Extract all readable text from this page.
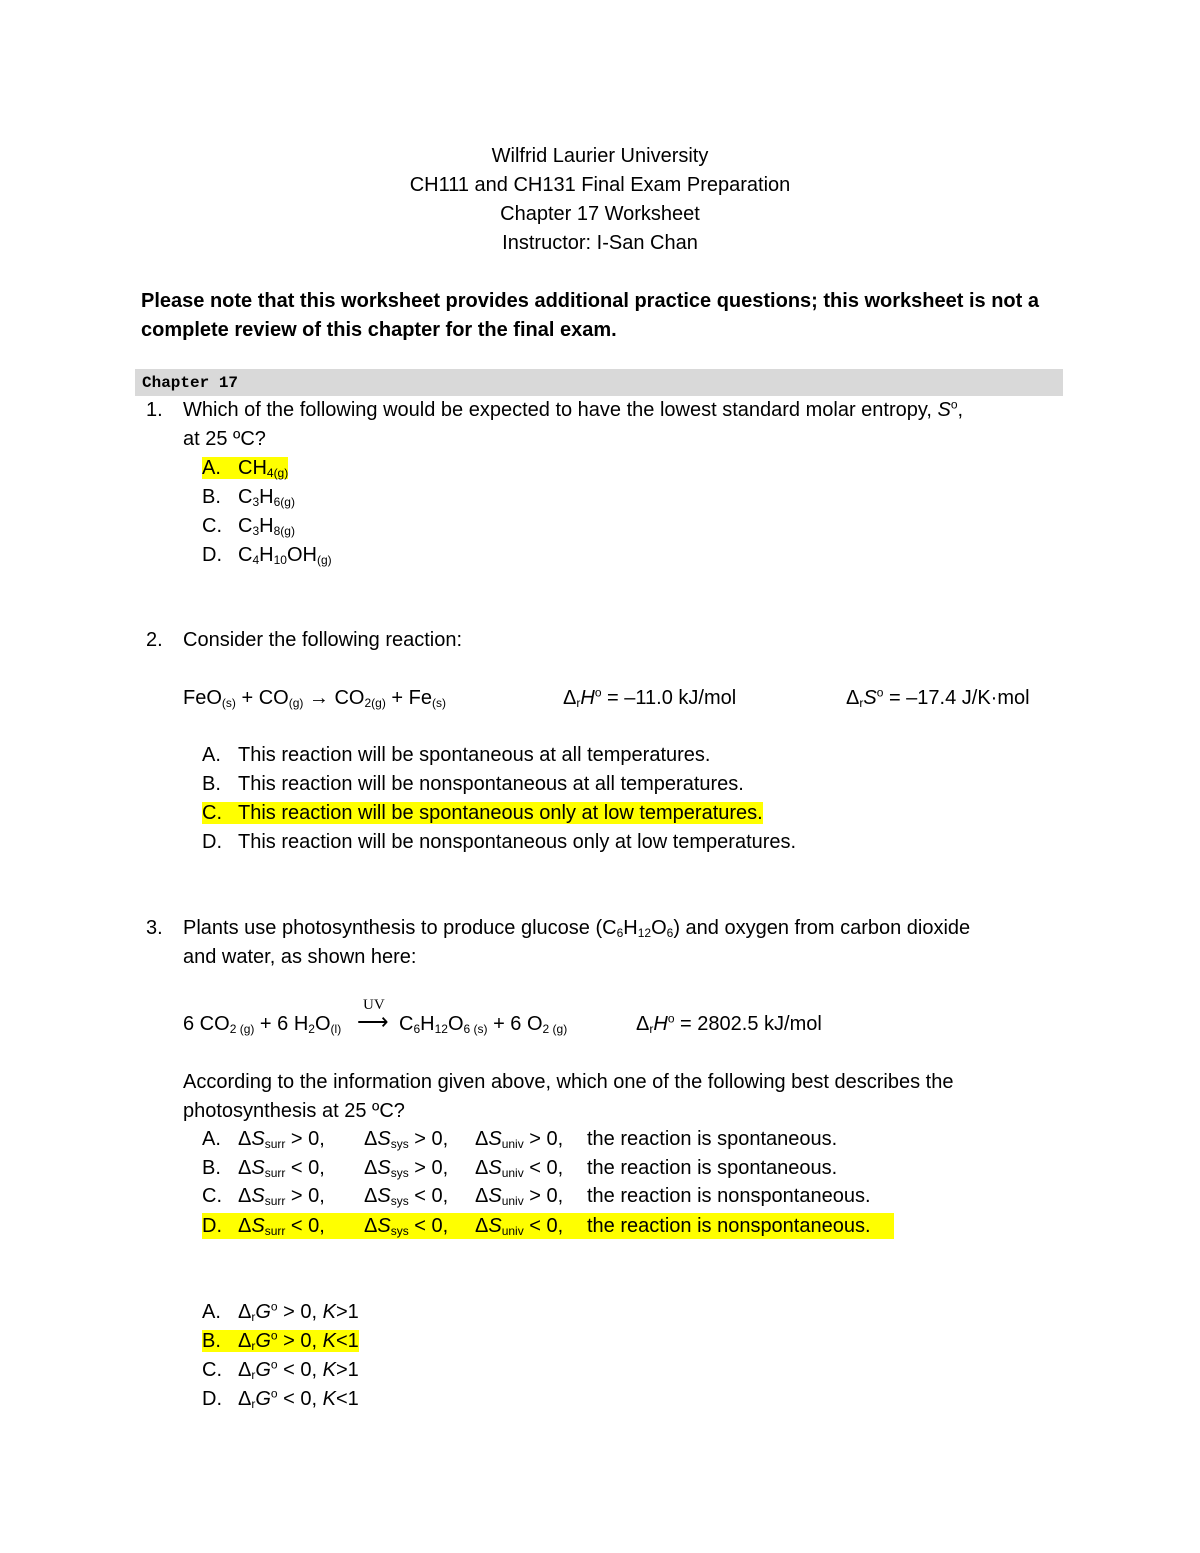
Wilfrid Laurier University
CH111 and CH131 Final Exam Preparation
Chapter 17 Worksheet
Instructor: I-San Chan
Please note that this worksheet provides additional practice questions; this worksheet is not a
complete review of this chapter for the final exam.
Chapter 17
1. Which of the following would be expected to have the lowest standard molar entropy, $S^o$,
at 25 ºC?
A. $CH_{4(g)}$
B. $C_3H_{6(g)}$
C. $C_3H_{8(g)}$
D. $C_4H_{10}OH_{(g)}$
2. Consider the following reaction:
$FeO_{(s)} + CO_{(g)} \to CO_{2(g)} + Fe_{(s)}$	$\Delta_rH^o = -11.0$ kJ/mol	$\Delta_rS^o = -17.4$ J/K·mol
A. This reaction will be spontaneous at all temperatures.
B. This reaction will be nonspontaneous at all temperatures.
C. This reaction will be spontaneous only at low temperatures.
D. This reaction will be nonspontaneous only at low temperatures.
3. Plants use photosynthesis to produce glucose $(C_6H_{12}O_6)$ and oxygen from carbon dioxide
and water, as shown here:
6 $CO_{2 (g)} + 6$ $H_2O_{(l)}$
UV
⟶ $C_6H_{12}O_{6 (s)} + 6$ $O_{2 (g)}$	$\Delta_rH^o = 2802.5$ kJ/mol
According to the information given above, which one of the following best describes the
photosynthesis at 25 ºC?
A. $\Delta S_{surr} > 0$, $\Delta S_{sys} > 0$, $\Delta S_{univ} > 0$, the reaction is spontaneous.
B. $\Delta S_{surr} < 0$, $\Delta S_{sys} > 0$, $\Delta S_{univ} < 0$, the reaction is spontaneous.
C. $\Delta S_{surr} > 0$, $\Delta S_{sys} < 0$, $\Delta S_{univ} > 0$, the reaction is nonspontaneous.
D. $\Delta S_{surr} < 0$, $\Delta S_{sys} < 0$, $\Delta S_{univ} < 0$, the reaction is nonspontaneous.
A. $\Delta_rG^o > 0$, K>1
B. $\Delta_rG^o > 0$, K<1
C. $\Delta_rG^o < 0$, K>1
D. $\Delta_rG^o < 0$, K<1
